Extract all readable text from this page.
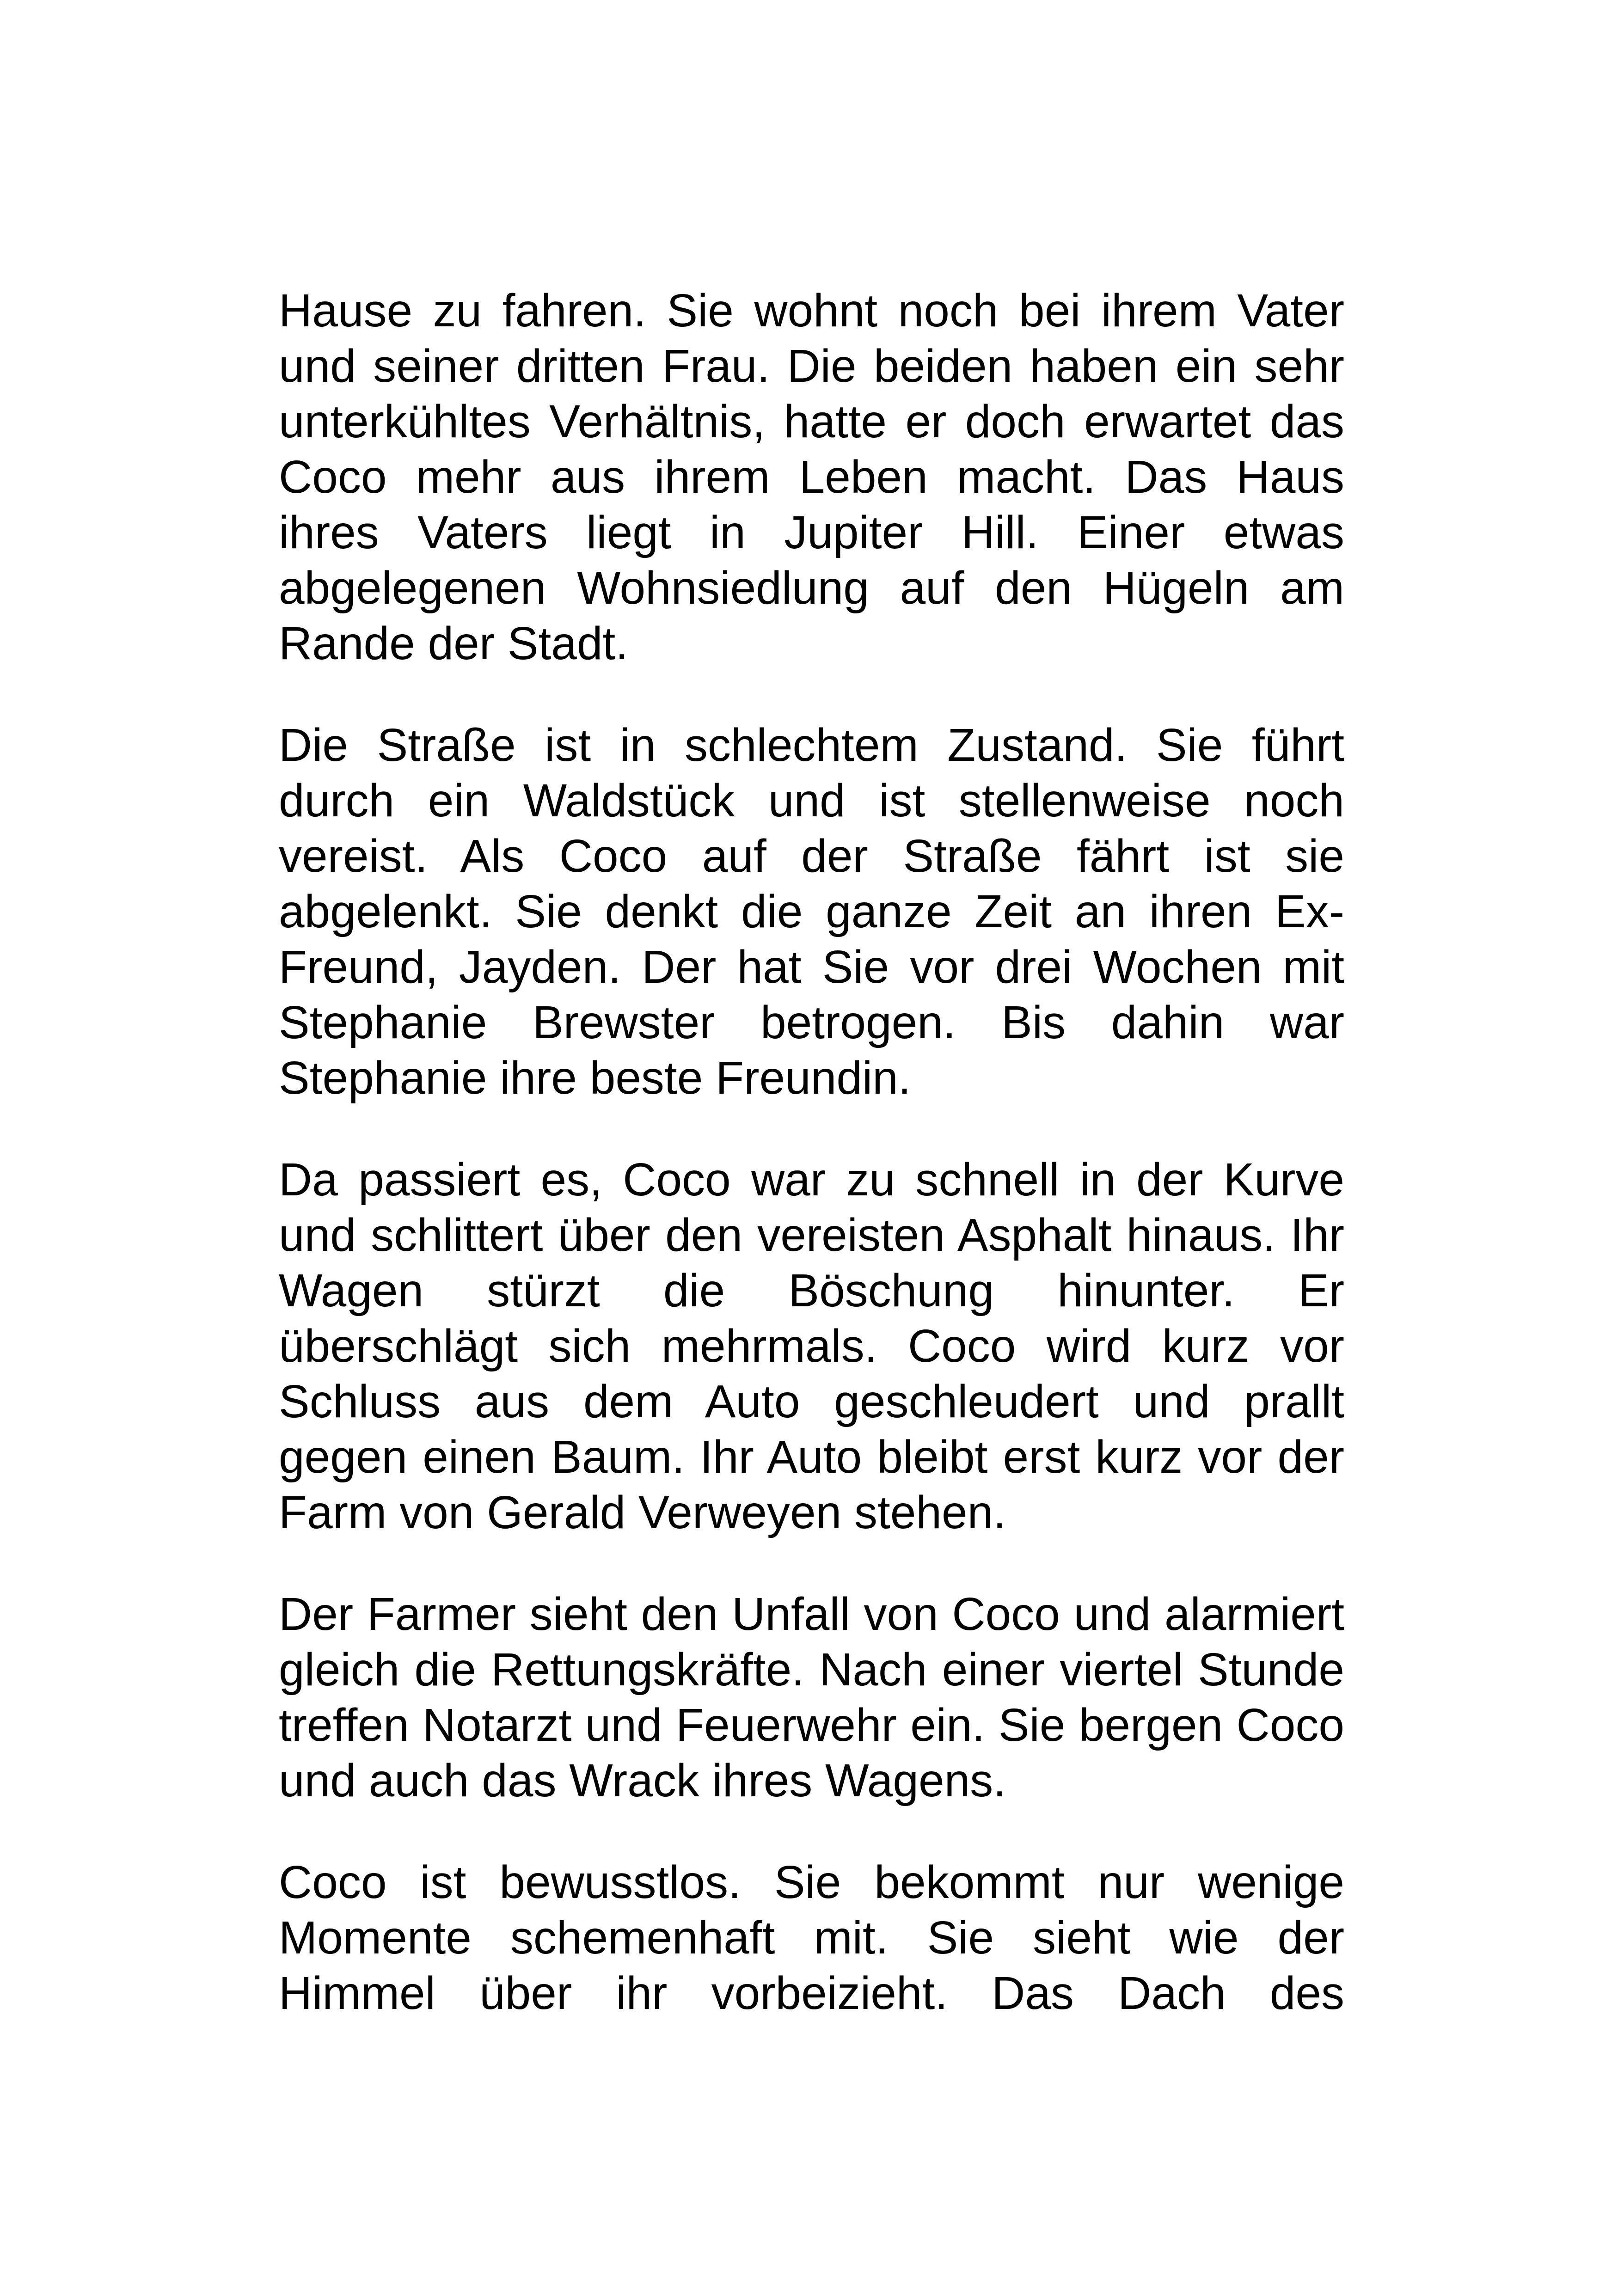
Hause zu fahren. Sie wohnt noch bei ihrem Vater
und seiner dritten Frau. Die beiden haben ein sehr
unterkühltes Verhältnis, hatte er doch erwartet das
Coco mehr aus ihrem Leben macht. Das Haus
ihres Vaters liegt in Jupiter Hill. Einer etwas
abgelegenen Wohnsiedlung auf den Hügeln am
Rande der Stadt.
Die Straße ist in schlechtem Zustand. Sie führt
durch ein Waldstück und ist stellenweise noch
vereist. Als Coco auf der Straße fährt ist sie
abgelenkt. Sie denkt die ganze Zeit an ihren Ex-
Freund, Jayden. Der hat Sie vor drei Wochen mit
Stephanie Brewster betrogen. Bis dahin war
Stephanie ihre beste Freundin.
Da passiert es, Coco war zu schnell in der Kurve
und schlittert über den vereisten Asphalt hinaus. Ihr
Wagen stürzt die Böschung hinunter. Er
überschlägt sich mehrmals. Coco wird kurz vor
Schluss aus dem Auto geschleudert und prallt
gegen einen Baum. Ihr Auto bleibt erst kurz vor der
Farm von Gerald Verweyen stehen.
Der Farmer sieht den Unfall von Coco und alarmiert
gleich die Rettungskräfte. Nach einer viertel Stunde
treffen Notarzt und Feuerwehr ein. Sie bergen Coco
und auch das Wrack ihres Wagens.
Coco ist bewusstlos. Sie bekommt nur wenige
Momente schemenhaft mit. Sie sieht wie der
Himmel über ihr vorbeizieht. Das Dach des
